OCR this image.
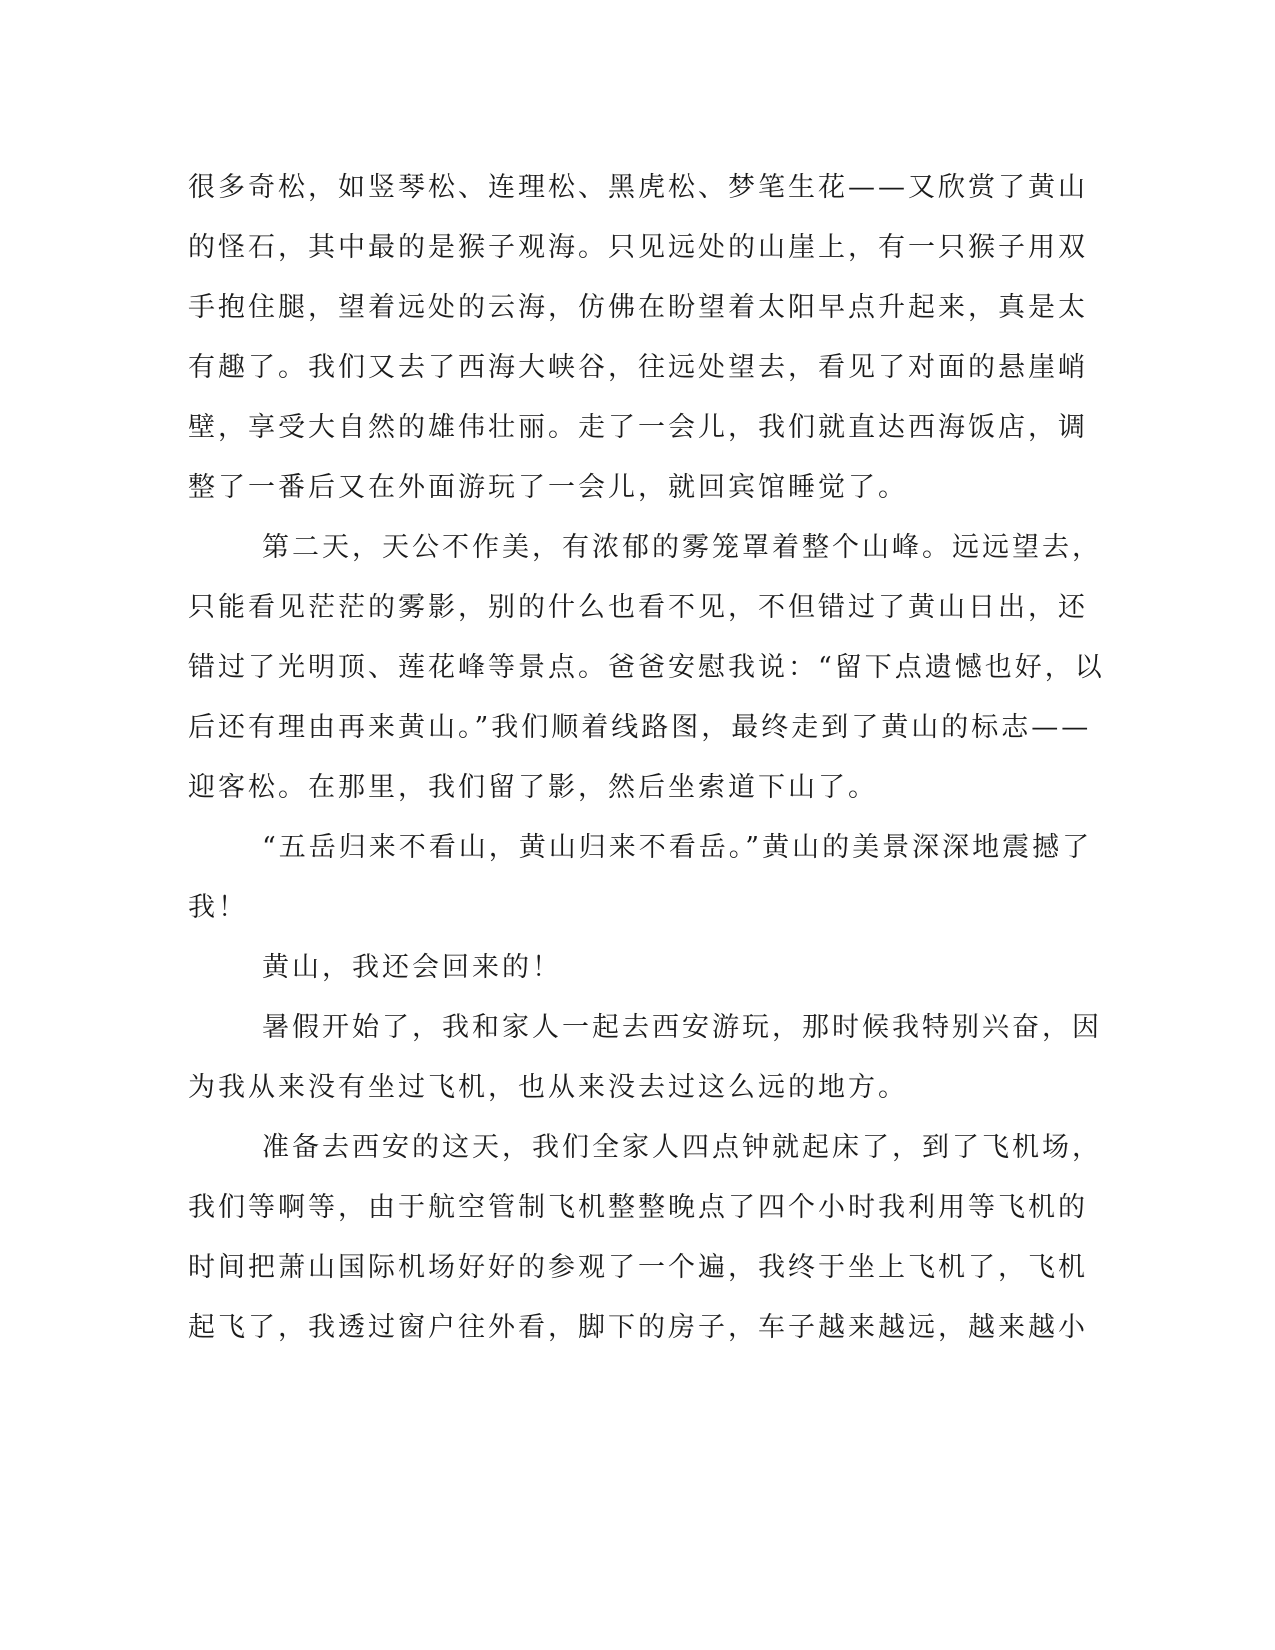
很多奇松，如竖琴松、连理松、黑虎松、梦笔生花——又欣赏了黄山
的怪石，其中最的是猴子观海。只见远处的山崖上，有一只猴子用双
手抱住腿，望着远处的云海，仿佛在盼望着太阳早点升起来，真是太
有趣了。我们又去了西海大峡谷，往远处望去，看见了对面的悬崖峭
壁，享受大自然的雄伟壮丽。走了一会儿，我们就直达西海饭店，调
整了一番后又在外面游玩了一会儿，就回宾馆睡觉了。
第二天，天公不作美，有浓郁的雾笼罩着整个山峰。远远望去，
只能看见茫茫的雾影，别的什么也看不见，不但错过了黄山日出，还
错过了光明顶、莲花峰等景点。爸爸安慰我说：“留下点遗憾也好，以
后还有理由再来黄山。”我们顺着线路图，最终走到了黄山的标志——
迎客松。在那里，我们留了影，然后坐索道下山了。
“五岳归来不看山，黄山归来不看岳。”黄山的美景深深地震撼了
我！
黄山，我还会回来的！
暑假开始了，我和家人一起去西安游玩，那时候我特别兴奋，因
为我从来没有坐过飞机，也从来没去过这么远的地方。
准备去西安的这天，我们全家人四点钟就起床了，到了飞机场，
我们等啊等，由于航空管制飞机整整晚点了四个小时我利用等飞机的
时间把萧山国际机场好好的参观了一个遍，我终于坐上飞机了，飞机
起飞了，我透过窗户往外看，脚下的房子，车子越来越远，越来越小
